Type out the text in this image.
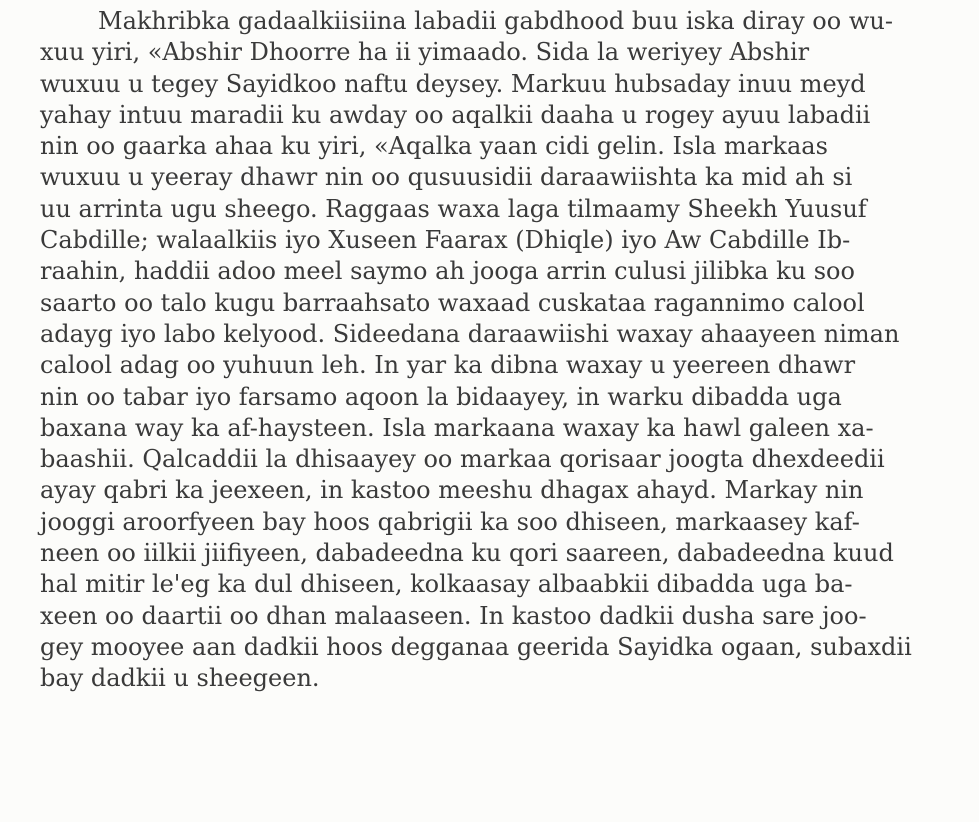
Makhribka gadaalkiisiina labadii gabdhood buu iska diray oo wu-
xuu yiri, «Abshir Dhoorre ha ii yimaado. Sida la weriyey Abshir
wuxuu u tegey Sayidkoo naftu deysey. Markuu hubsaday inuu meyd
yahay intuu maradii ku awday oo aqalkii daaha u rogey ayuu labadii
nin oo gaarka ahaa ku yiri, «Aqalka yaan cidi gelin. Isla markaas
wuxuu u yeeray dhawr nin oo qusuusidii daraawiishta ka mid ah si
uu arrinta ugu sheego. Raggaas waxa laga tilmaamy Sheekh Yuusuf
Cabdille; walaalkiis iyo Xuseen Faarax (Dhiqle) iyo Aw Cabdille Ib-
raahin, haddii adoo meel saymo ah jooga arrin culusi jilibka ku soo
saarto oo talo kugu barraahsato waxaad cuskataa ragannimo calool
adayg iyo labo kelyood. Sideedana daraawiishi waxay ahaayeen niman
calool adag oo yuhuun leh. In yar ka dibna waxay u yeereen dhawr
nin oo tabar iyo farsamo aqoon la bidaayey, in warku dibadda uga
baxana way ka af-haysteen. Isla markaana waxay ka hawl galeen xa-
baashii. Qalcaddii la dhisaayey oo markaa qorisaar joogta dhexdeedii
ayay qabri ka jeexeen, in kastoo meeshu dhagax ahayd. Markay nin
jooggi aroorfyeen bay hoos qabrigii ka soo dhiseen, markaasey kaf-
neen oo iilkii jiifiyeen, dabadeedna ku qori saareen, dabadeedna kuud
hal mitir le'eg ka dul dhiseen, kolkaasay albaabkii dibadda uga ba-
xeen oo daartii oo dhan malaaseen. In kastoo dadkii dusha sare joo-
gey mooyee aan dadkii hoos degganaa geerida Sayidka ogaan, subaxdii
bay dadkii u sheegeen.
